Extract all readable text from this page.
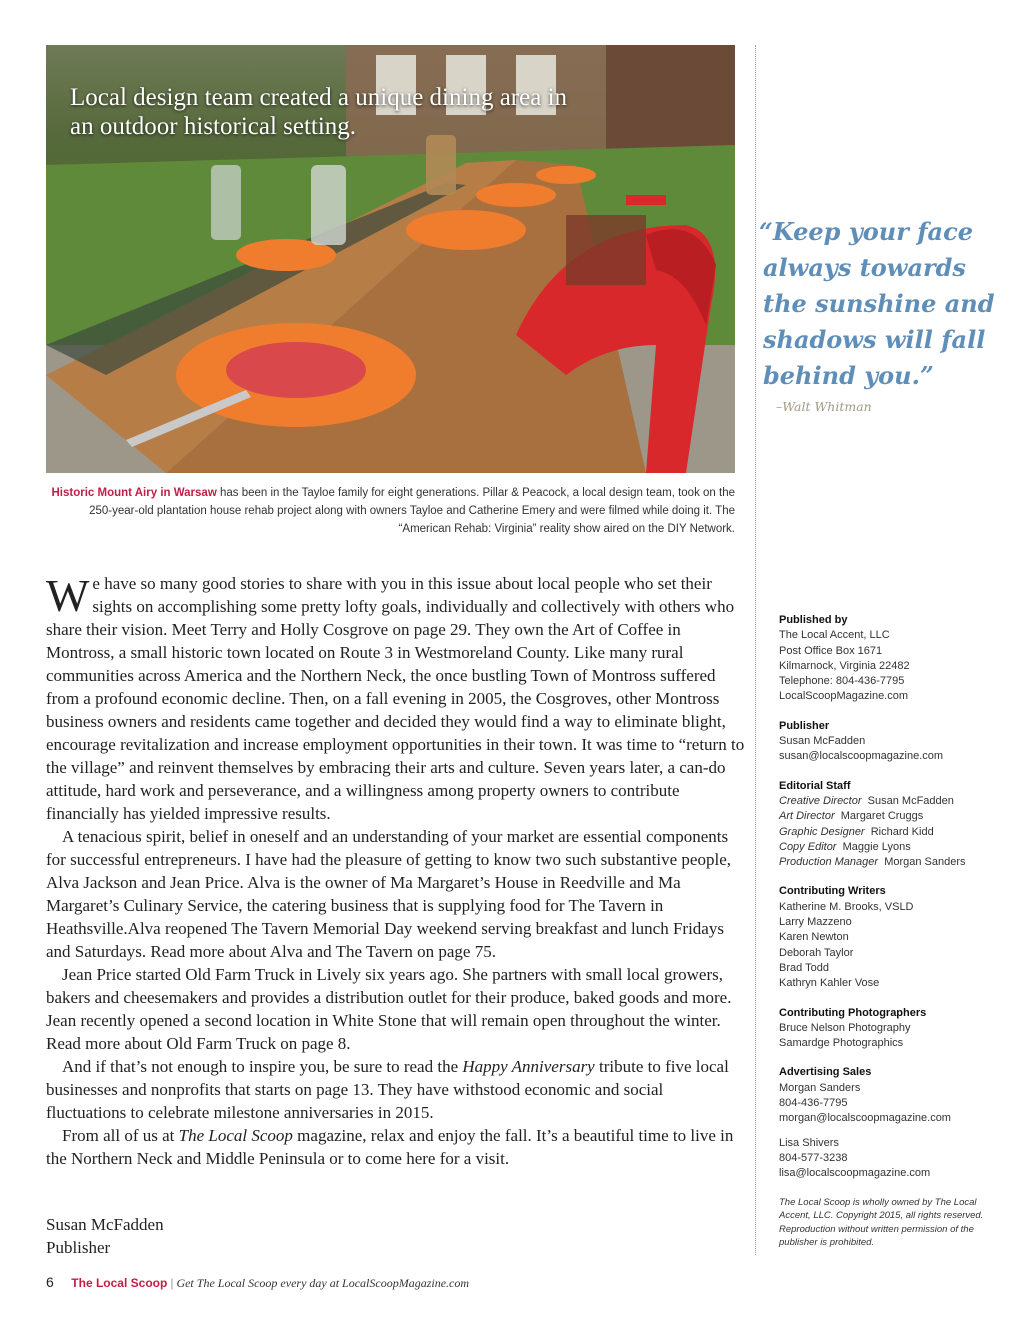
Local design team created a unique dining area in an outdoor historical setting.

Historic Mount Airy in Warsaw has been in the Tayloe family for eight generations. Pillar & Peacock, a local design team, took on the 250-year-old plantation house rehab project along with owners Tayloe and Catherine Emery and were filmed while doing it. The “American Rehab: Virginia” reality show aired on the DIY Network.

“Keep your face always towards the sunshine and shadows will fall behind you.”

–Walt Whitman

We have so many good stories to share with you in this issue about local people who set their sights on accomplishing some pretty lofty goals, individually and collectively with others who share their vision. Meet Terry and Holly Cosgrove on page 29. They own the Art of Coffee in Montross, a small historic town located on Route 3 in Westmoreland County. Like many rural communities across America and the Northern Neck, the once bustling Town of Montross suffered from a profound economic decline. Then, on a fall evening in 2005, the Cosgroves, other Montross business owners and residents came together and decided they would find a way to eliminate blight, encourage revitalization and increase employment opportunities in their town. It was time to “return to the village” and reinvent themselves by embracing their arts and culture. Seven years later, a can-do attitude, hard work and perseverance, and a willingness among property owners to contribute financially has yielded impressive results.

A tenacious spirit, belief in oneself and an understanding of your market are essential components for successful entrepreneurs. I have had the pleasure of getting to know two such substantive people, Alva Jackson and Jean Price. Alva is the owner of Ma Margaret’s House in Reedville and Ma Margaret’s Culinary Service, the catering business that is supplying food for The Tavern in Heathsville.Alva reopened The Tavern Memorial Day weekend serving breakfast and lunch Fridays and Saturdays. Read more about Alva and The Tavern on page 75.

Jean Price started Old Farm Truck in Lively six years ago. She partners with small local growers, bakers and cheesemakers and provides a distribution outlet for their produce, baked goods and more. Jean recently opened a second location in White Stone that will remain open throughout the winter. Read more about Old Farm Truck on page 8.

And if that’s not enough to inspire you, be sure to read the Happy Anniversary tribute to five local businesses and nonprofits that starts on page 13. They have withstood economic and social fluctuations to celebrate milestone anniversaries in 2015.

From all of us at The Local Scoop magazine, relax and enjoy the fall. It’s a beautiful time to live in the Northern Neck and Middle Peninsula or to come here for a visit.

Susan McFadden
Publisher
Published by
The Local Accent, LLC
Post Office Box 1671
Kilmarnock, Virginia 22482
Telephone: 804-436-7795
LocalScoopMagazine.com
Publisher
Susan McFadden
susan@localscoopmagazine.com
Editorial Staff
Creative Director Susan McFadden
Art Director Margaret Cruggs
Graphic Designer Richard Kidd
Copy Editor Maggie Lyons
Production Manager Morgan Sanders
Contributing Writers
Katherine M. Brooks, VSLD
Larry Mazzeno
Karen Newton
Deborah Taylor
Brad Todd
Kathryn Kahler Vose
Contributing Photographers
Bruce Nelson Photography
Samardge Photographics
Advertising Sales
Morgan Sanders
804-436-7795
morgan@localscoopmagazine.com
Lisa Shivers
804-577-3238
lisa@localscoopmagazine.com
The Local Scoop is wholly owned by The Local Accent, LLC. Copyright 2015, all rights reserved. Reproduction without written permission of the publisher is prohibited.
6 The Local Scoop | Get The Local Scoop every day at LocalScoopMagazine.com
